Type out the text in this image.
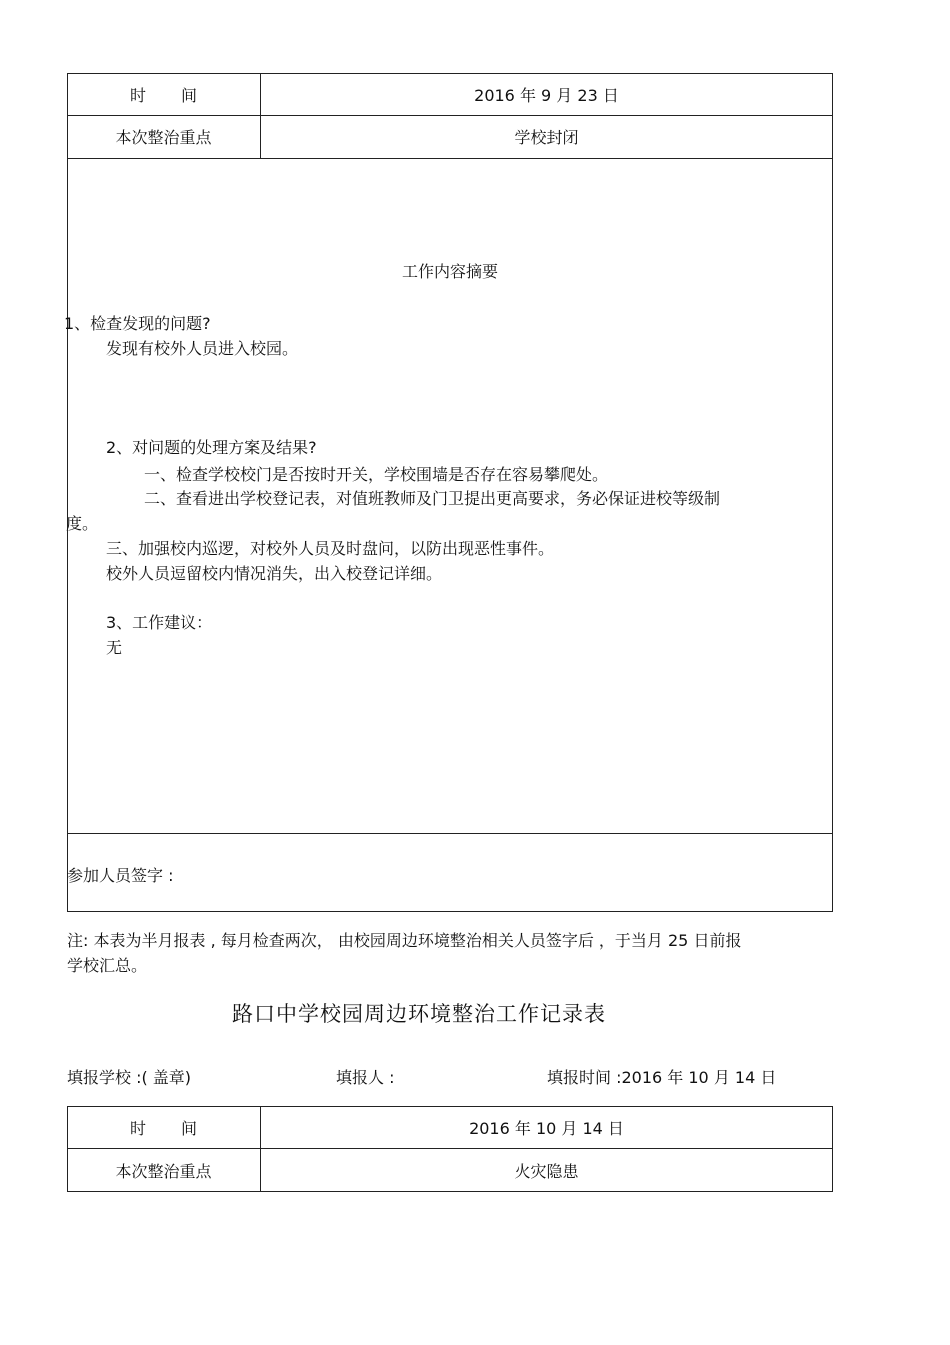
时 间	2016 年 9 月 23 日
本次整治重点	学校封闭
工作内容摘要
1、检查发现的问题?
发现有校外人员进入校园。
2、对问题的处理方案及结果?
一、检查学校校门是否按时开关，学校围墙是否存在容易攀爬处。
二、查看进出学校登记表，对值班教师及门卫提出更高要求，务必保证进校等级制
度。
三、加强校内巡逻，对校外人员及时盘问，以防出现恶性事件。
校外人员逗留校内情况消失，出入校登记详细。
3、工作建议：
无
参加人员签字 :
注: 本表为半月报表 , 每月检查两次， 由校园周边环境整治相关人员签字后 ，于当月 25 日前报
学校汇总。
路口中学校园周边环境整治工作记录表
填报学校 :( 盖章)	填报人 :	填报时间 :2016 年 10 月 14 日
时 间	2016 年 10 月 14 日
本次整治重点	火灾隐患
